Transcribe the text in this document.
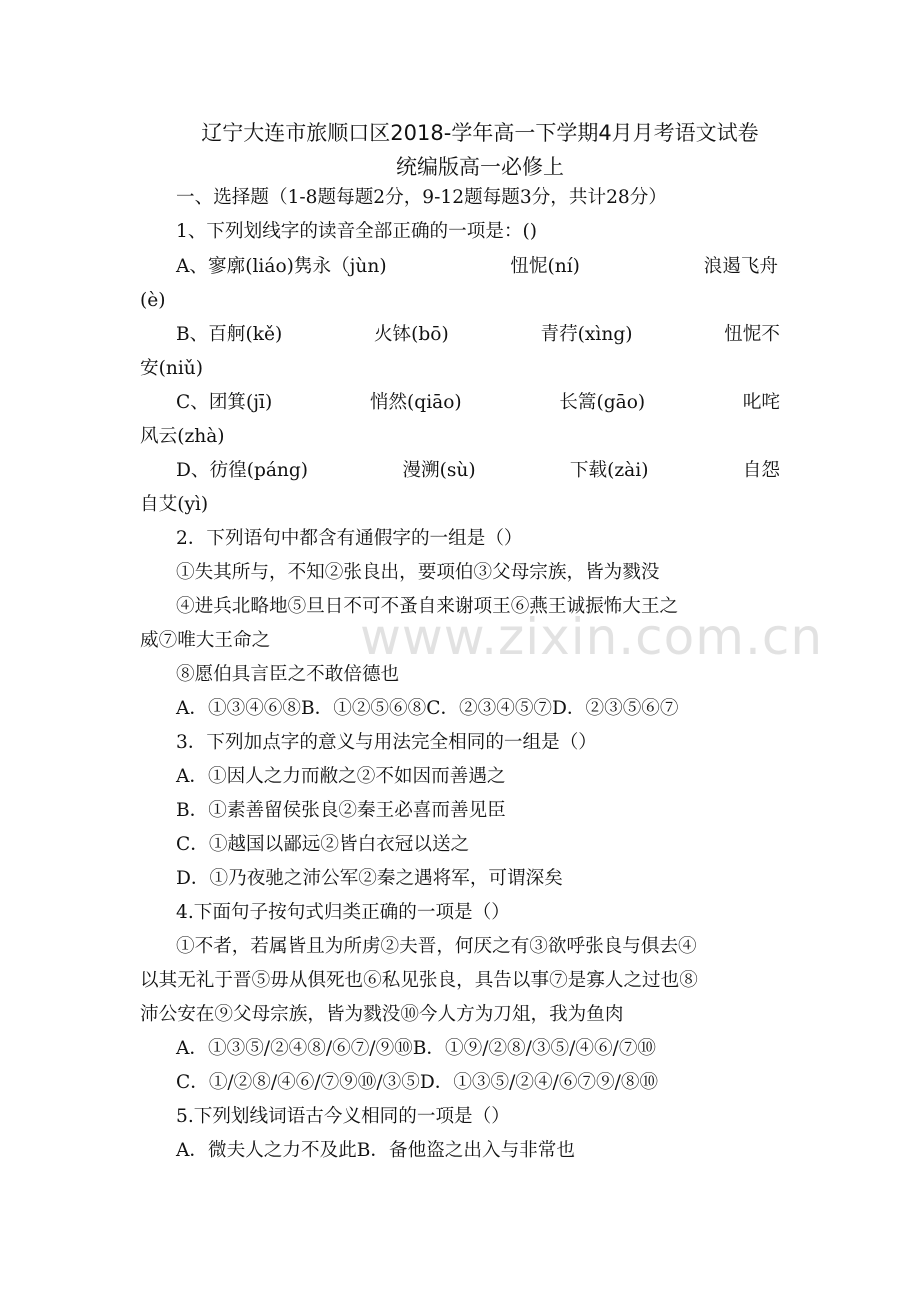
辽宁大连市旅顺口区2018-学年高一下学期4月月考语文试卷
统编版高一必修上
一、选择题（1-8题每题2分，9-12题每题3分，共计28分）
1、下列划线字的读音全部正确的一项是：()
A、寥廓(liáo)隽永（jùn)	忸怩(ní)	浪遏飞舟
(è)
B、百舸(kě)	火钵(bō)	青荇(xìng)	忸怩不
安(niǔ)
C、团箕(jī)	悄然(qiāo)	长篙(gāo)	叱咤
风云(zhà)
D、彷徨(páng)	漫溯(sù)	下载(zài)	自怨
自艾(yì)
2．下列语句中都含有通假字的一组是（）
①失其所与，不知②张良出，要项伯③父母宗族，皆为戮没
④进兵北略地⑤旦日不可不蚤自来谢项王⑥燕王诚振怖大王之
威⑦唯大王命之
⑧愿伯具言臣之不敢倍德也
A．①③④⑥⑧B．①②⑤⑥⑧C．②③④⑤⑦D．②③⑤⑥⑦
3．下列加点字的意义与用法完全相同的一组是（）
A．①因人之力而敝之②不如因而善遇之
B．①素善留侯张良②秦王必喜而善见臣
C．①越国以鄙远②皆白衣冠以送之
D．①乃夜驰之沛公军②秦之遇将军，可谓深矣
4.下面句子按句式归类正确的一项是（）
①不者，若属皆且为所虏②夫晋，何厌之有③欲呼张良与俱去④
以其无礼于晋⑤毋从俱死也⑥私见张良，具告以事⑦是寡人之过也⑧
沛公安在⑨父母宗族，皆为戮没⑩今人方为刀俎，我为鱼肉
A．①③⑤/②④⑧/⑥⑦/⑨⑩B．①⑨/②⑧/③⑤/④⑥/⑦⑩
C．①/②⑧/④⑥/⑦⑨⑩/③⑤D．①③⑤/②④/⑥⑦⑨/⑧⑩
5.下列划线词语古今义相同的一项是（）
A．微夫人之力不及此B．备他盗之出入与非常也
www.zixin.com.cn
